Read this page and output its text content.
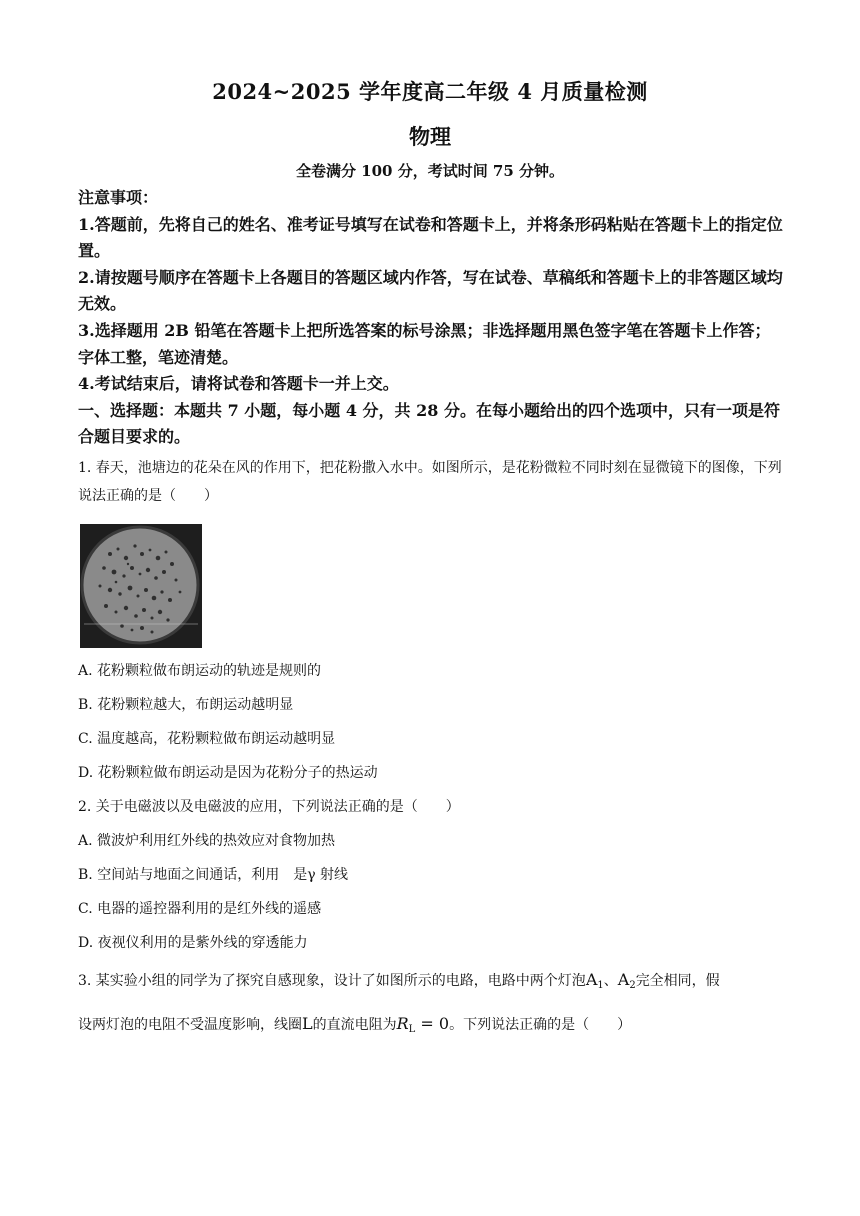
2024~2025 学年度高二年级 4 月质量检测
物理
全卷满分 100 分，考试时间 75 分钟。

注意事项：

1.答题前，先将自己的姓名、准考证号填写在试卷和答题卡上，并将条形码粘贴在答题卡上的指定位置。

2.请按题号顺序在答题卡上各题目的答题区域内作答，写在试卷、草稿纸和答题卡上的非答题区域均无效。

3.选择题用 2B 铅笔在答题卡上把所选答案的标号涂黑；非选择题用黑色签字笔在答题卡上作答；字体工整，笔迹清楚。

4.考试结束后，请将试卷和答题卡一并上交。

一、选择题：本题共 7 小题，每小题 4 分，共 28 分。在每小题给出的四个选项中，只有一项是符合题目要求的。

1. 春天，池塘边的花朵在风的作用下，把花粉撒入水中。如图所示，是花粉微粒不同时刻在显微镜下的图像，下列说法正确的是（　　）

A. 花粉颗粒做布朗运动的轨迹是规则的
B. 花粉颗粒越大，布朗运动越明显
C. 温度越高，花粉颗粒做布朗运动越明显
D. 花粉颗粒做布朗运动是因为花粉分子的热运动
2. 关于电磁波以及电磁波的应用，下列说法正确的是（　　）
A. 微波炉利用红外线的热效应对食物加热
B. 空间站与地面之间通话，利用　是γ 射线
C. 电器的遥控器利用的是红外线的遥感
D. 夜视仪利用的是紫外线的穿透能力
3. 某实验小组的同学为了探究自感现象，设计了如图所示的电路，电路中两个灯泡$A_1$、$A_2$完全相同，假
设两灯泡的电阻不受温度影响，线圈L的直流电阻为$R_L = 0$。下列说法正确的是（　　）
